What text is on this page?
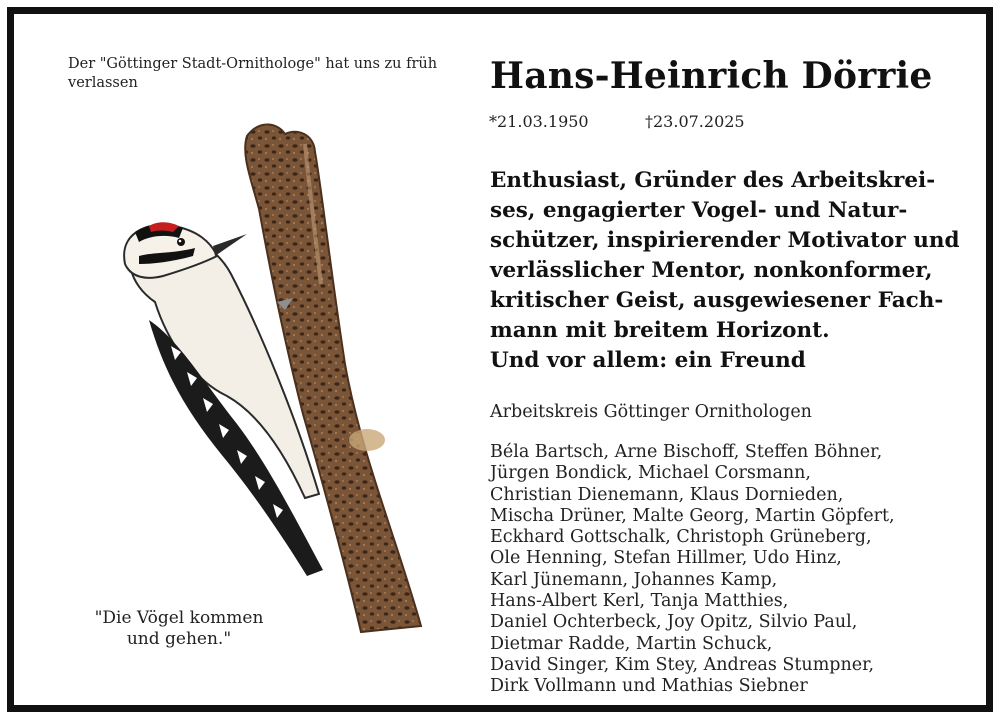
Der "Göttinger Stadt-Ornithologe" hat uns zu früh verlassen
"Die Vögel kommen
und gehen."
Hans-Heinrich Dörrie
*21.03.1950	†23.07.2025
Enthusiast, Gründer des Arbeitskrei-
ses, engagierter Vogel- und Natur-
schützer, inspirierender Motivator und
verlässlicher Mentor, nonkonformer,
kritischer Geist, ausgewiesener Fach-
mann mit breitem Horizont.
Und vor allem: ein Freund
Arbeitskreis Göttinger Ornithologen
Béla Bartsch, Arne Bischoff, Steffen Böhner,
Jürgen Bondick, Michael Corsmann,
Christian Dienemann, Klaus Dornieden,
Mischa Drüner, Malte Georg, Martin Göpfert,
Eckhard Gottschalk, Christoph Grüneberg,
Ole Henning, Stefan Hillmer, Udo Hinz,
Karl Jünemann, Johannes Kamp,
Hans-Albert Kerl, Tanja Matthies,
Daniel Ochterbeck, Joy Opitz, Silvio Paul,
Dietmar Radde, Martin Schuck,
David Singer, Kim Stey, Andreas Stumpner,
Dirk Vollmann und Mathias Siebner
